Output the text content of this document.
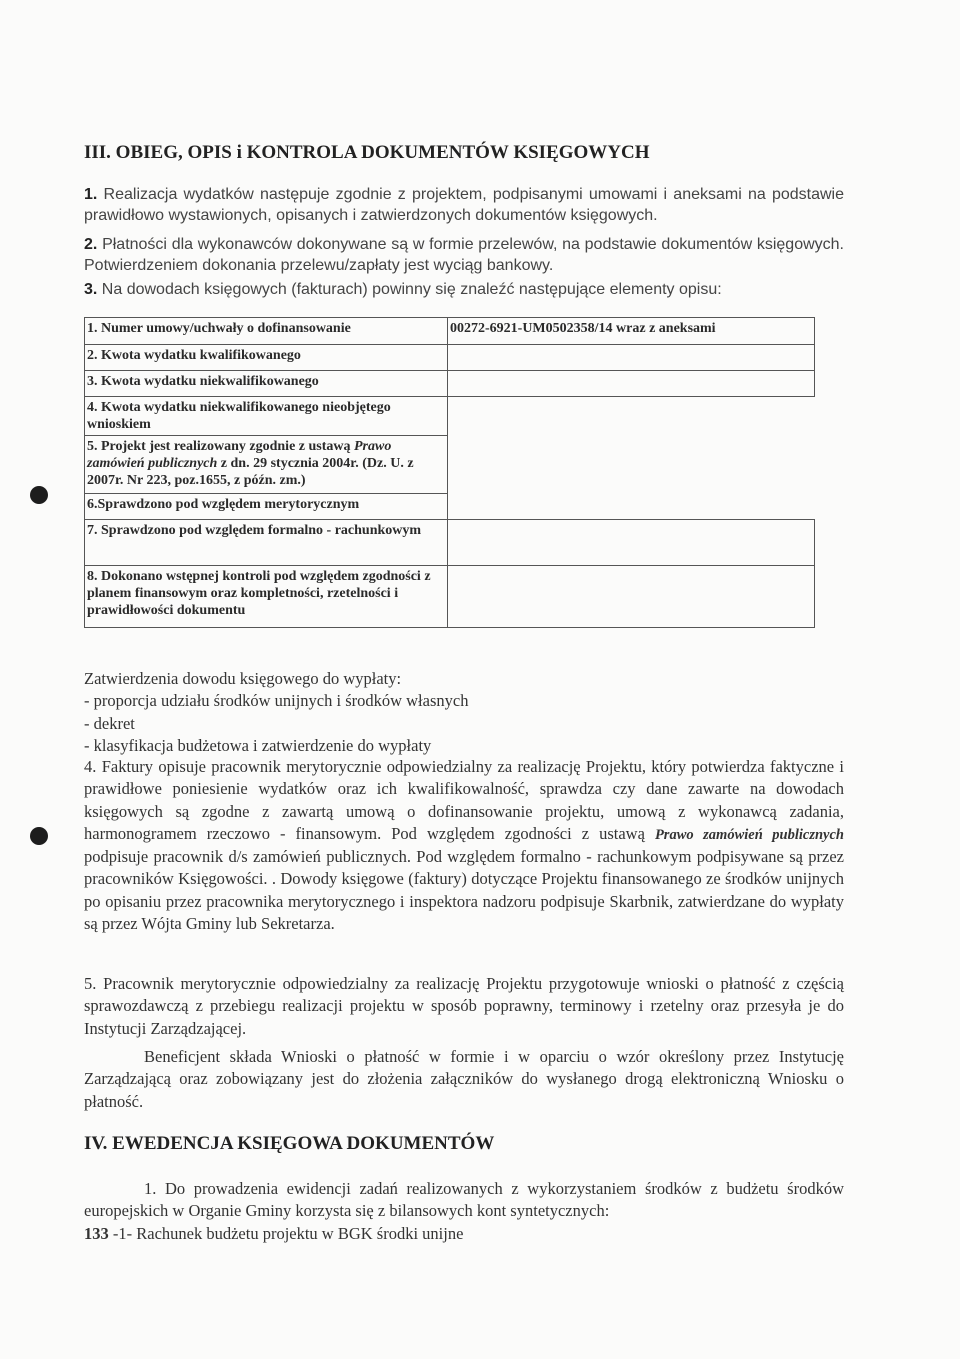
III. OBIEG, OPIS i KONTROLA DOKUMENTÓW KSIĘGOWYCH
1. Realizacja wydatków następuje zgodnie z projektem, podpisanymi umowami i aneksami na podstawie prawidłowo wystawionych, opisanych i zatwierdzonych dokumentów księgowych.
2. Płatności dla wykonawców dokonywane są w formie przelewów, na podstawie dokumentów księgowych. Potwierdzeniem dokonania przelewu/zapłaty jest wyciąg bankowy.
3. Na dowodach księgowych (fakturach) powinny się znaleźć następujące elementy opisu:
1. Numer umowy/uchwały o dofinansowanie	00272-6921-UM0502358/14 wraz z aneksami
2. Kwota wydatku kwalifikowanego	
3. Kwota wydatku niekwalifikowanego	
4. Kwota wydatku niekwalifikowanego nieobjętego wnioskiem	
5. Projekt jest realizowany zgodnie z ustawą Prawo zamówień publicznych z dn. 29 stycznia 2004r. (Dz. U. z 2007r. Nr 223, poz.1655, z późn. zm.)	
6.Sprawdzono pod względem merytorycznym	
7. Sprawdzono pod względem formalno - rachunkowym	
8. Dokonano wstępnej kontroli pod względem zgodności z planem finansowym oraz kompletności, rzetelności i prawidłowości dokumentu	
Zatwierdzenia dowodu księgowego do wypłaty:
- proporcja udziału środków unijnych i środków własnych
- dekret
- klasyfikacja budżetowa i zatwierdzenie do wypłaty
4. Faktury opisuje pracownik merytorycznie odpowiedzialny za realizację Projektu, który potwierdza faktyczne i prawidłowe poniesienie wydatków oraz ich kwalifikowalność, sprawdza czy dane zawarte na dowodach księgowych są zgodne z zawartą umową o dofinansowanie projektu, umową z wykonawcą zadania, harmonogramem rzeczowo - finansowym. Pod względem zgodności z ustawą Prawo zamówień publicznych podpisuje pracownik d/s zamówień publicznych. Pod względem formalno - rachunkowym podpisywane są przez pracowników Księgowości. . Dowody księgowe (faktury) dotyczące Projektu finansowanego ze środków unijnych po opisaniu przez pracownika merytorycznego i inspektora nadzoru podpisuje Skarbnik, zatwierdzane do wypłaty są przez Wójta Gminy lub Sekretarza.
5. Pracownik merytorycznie odpowiedzialny za realizację Projektu przygotowuje wnioski o płatność z częścią sprawozdawczą z przebiegu realizacji projektu w sposób poprawny, terminowy i rzetelny oraz przesyła je do Instytucji Zarządzającej.
Beneficjent składa Wnioski o płatność w formie i w oparciu o wzór określony przez Instytucję Zarządzającą oraz zobowiązany jest do złożenia załączników do wysłanego drogą elektroniczną Wniosku o płatność.
IV. EWEDENCJA KSIĘGOWA DOKUMENTÓW
1. Do prowadzenia ewidencji zadań realizowanych z wykorzystaniem środków z budżetu środków europejskich w Organie Gminy korzysta się z bilansowych kont syntetycznych:
133 -1- Rachunek budżetu projektu w BGK środki unijne
